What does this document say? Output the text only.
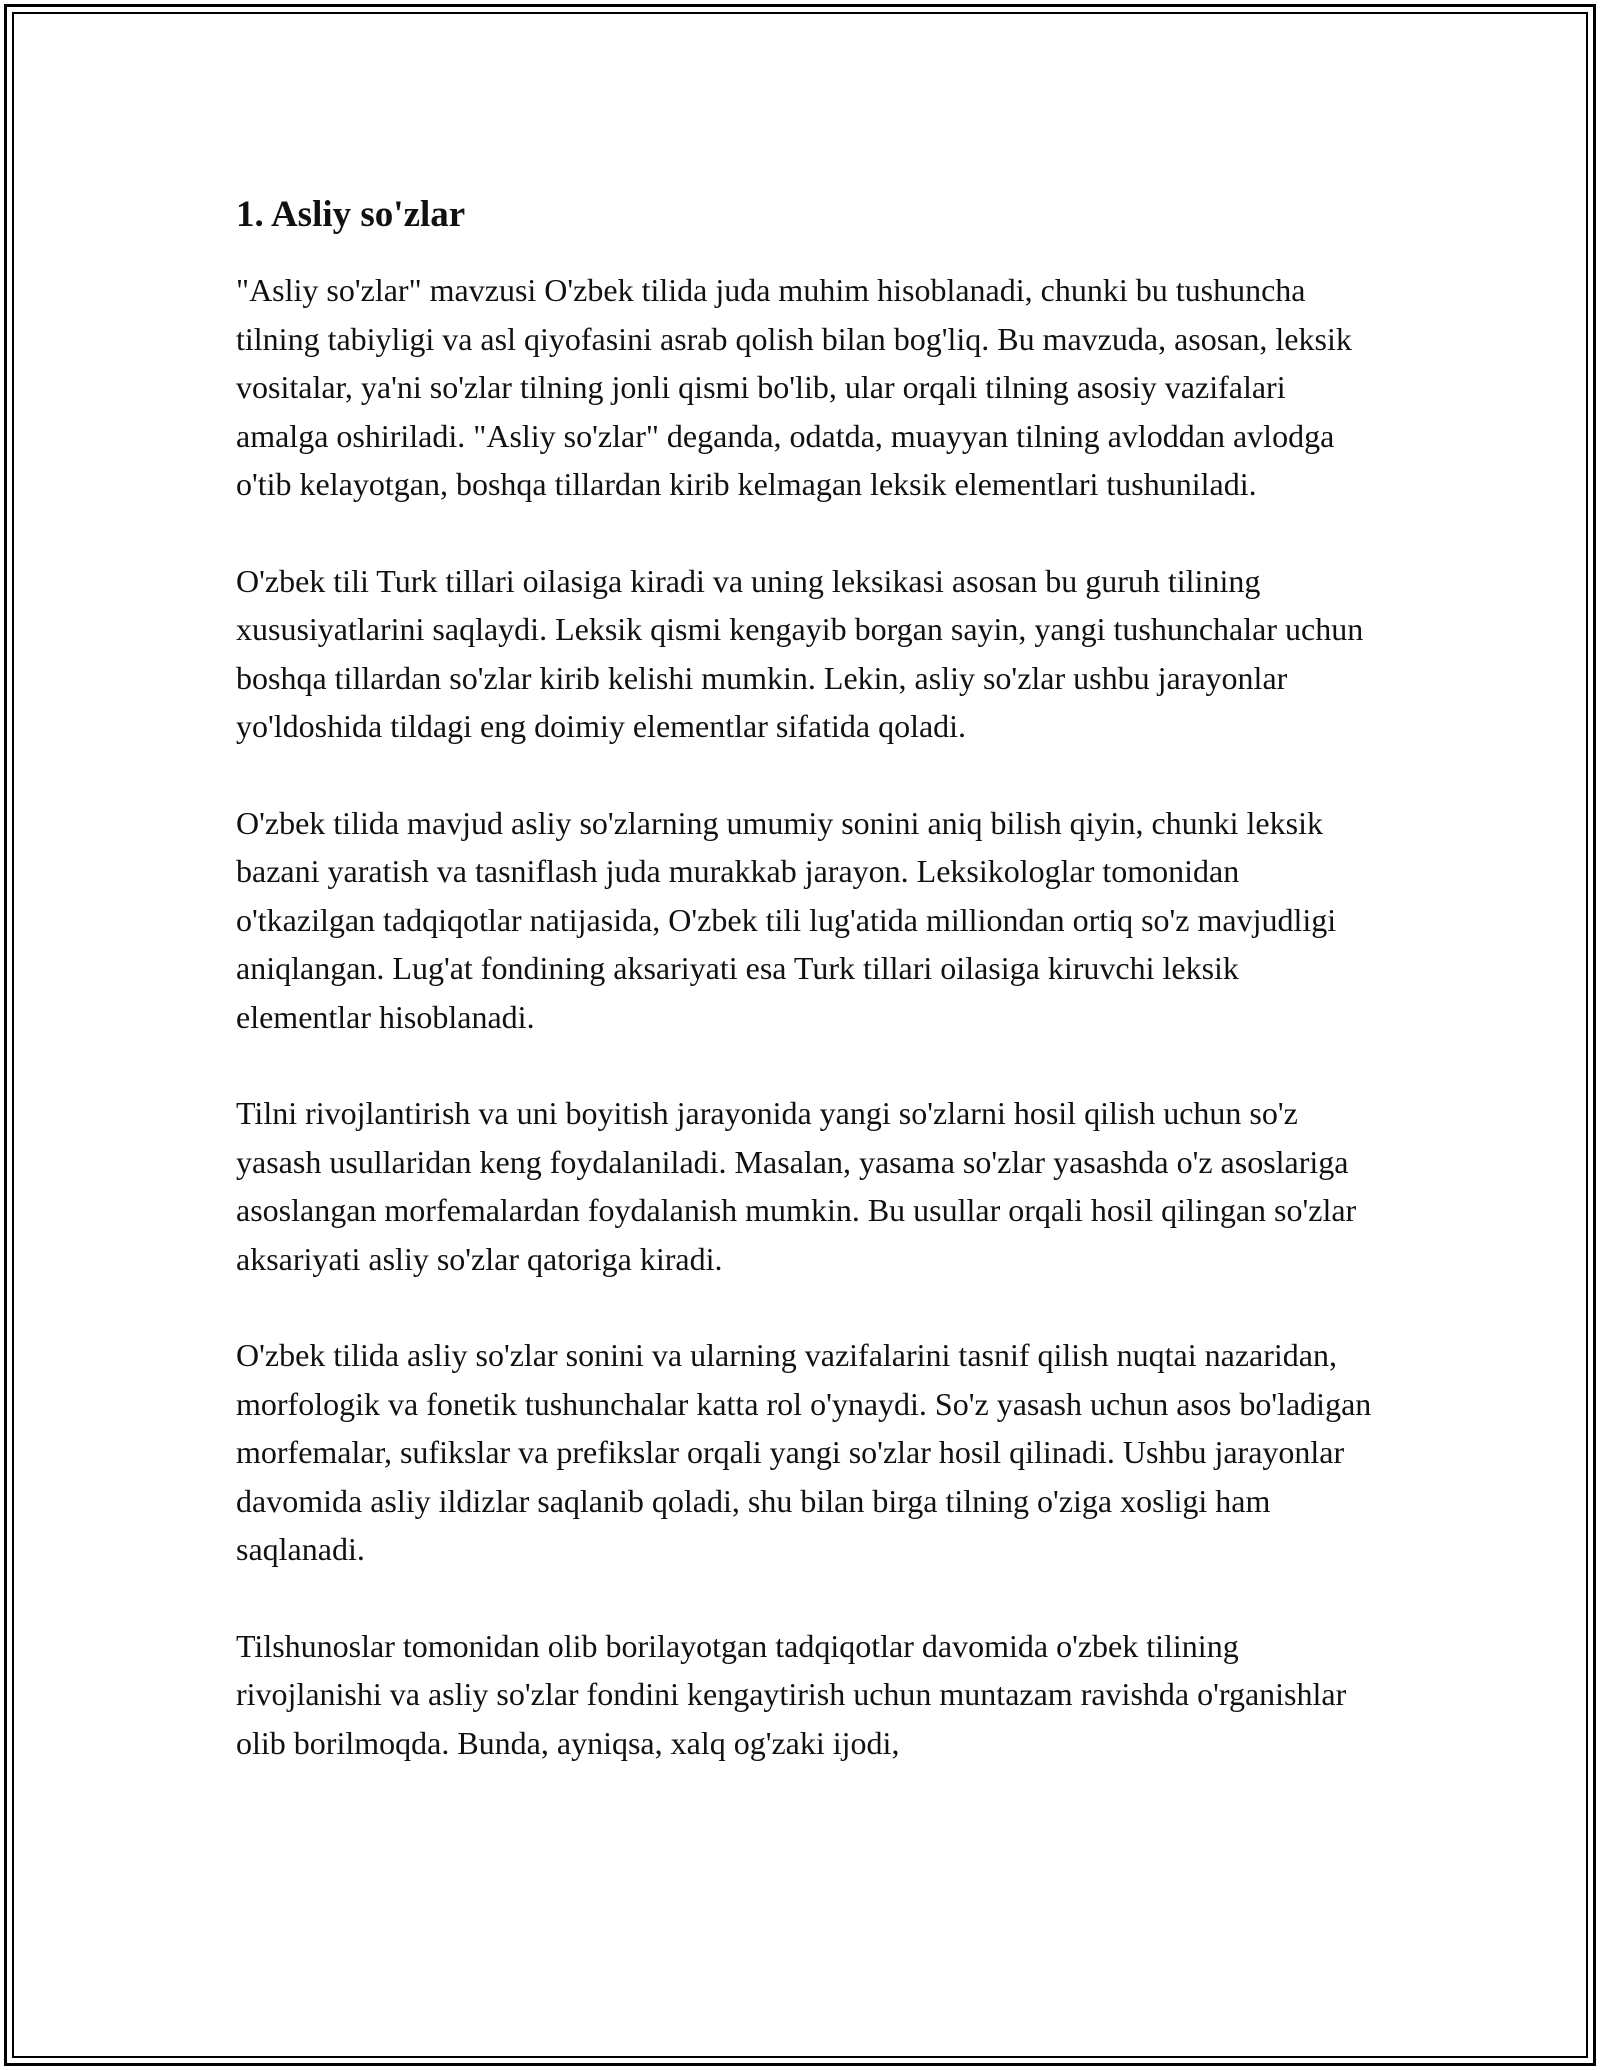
1. Asliy so'zlar

"Asliy so'zlar" mavzusi O'zbek tilida juda muhim hisoblanadi, chunki bu tushuncha tilning tabiyligi va asl qiyofasini asrab qolish bilan bog'liq. Bu mavzuda, asosan, leksik vositalar, ya'ni so'zlar tilning jonli qismi bo'lib, ular orqali tilning asosiy vazifalari amalga oshiriladi. "Asliy so'zlar" deganda, odatda, muayyan tilning avloddan avlodga o'tib kelayotgan, boshqa tillardan kirib kelmagan leksik elementlari tushuniladi.

O'zbek tili Turk tillari oilasiga kiradi va uning leksikasi asosan bu guruh tilining xususiyatlarini saqlaydi. Leksik qismi kengayib borgan sayin, yangi tushunchalar uchun boshqa tillardan so'zlar kirib kelishi mumkin. Lekin, asliy so'zlar ushbu jarayonlar yo'ldoshida tildagi eng doimiy elementlar sifatida qoladi.

O'zbek tilida mavjud asliy so'zlarning umumiy sonini aniq bilish qiyin, chunki leksik bazani yaratish va tasniflash juda murakkab jarayon. Leksikologlar tomonidan o'tkazilgan tadqiqotlar natijasida, O'zbek tili lug'atida milliondan ortiq so'z mavjudligi aniqlangan. Lug'at fondining aksariyati esa Turk tillari oilasiga kiruvchi leksik elementlar hisoblanadi.

Tilni rivojlantirish va uni boyitish jarayonida yangi so'zlarni hosil qilish uchun so'z yasash usullaridan keng foydalaniladi. Masalan, yasama so'zlar yasashda o'z asoslariga asoslangan morfemalardan foydalanish mumkin. Bu usullar orqali hosil qilingan so'zlar aksariyati asliy so'zlar qatoriga kiradi.

O'zbek tilida asliy so'zlar sonini va ularning vazifalarini tasnif qilish nuqtai nazaridan, morfologik va fonetik tushunchalar katta rol o'ynaydi. So'z yasash uchun asos bo'ladigan morfemalar, sufikslar va prefikslar orqali yangi so'zlar hosil qilinadi. Ushbu jarayonlar davomida asliy ildizlar saqlanib qoladi, shu bilan birga tilning o'ziga xosligi ham saqlanadi.

Tilshunoslar tomonidan olib borilayotgan tadqiqotlar davomida o'zbek tilining rivojlanishi va asliy so'zlar fondini kengaytirish uchun muntazam ravishda o'rganishlar olib borilmoqda. Bunda, ayniqsa, xalq og'zaki ijodi,
